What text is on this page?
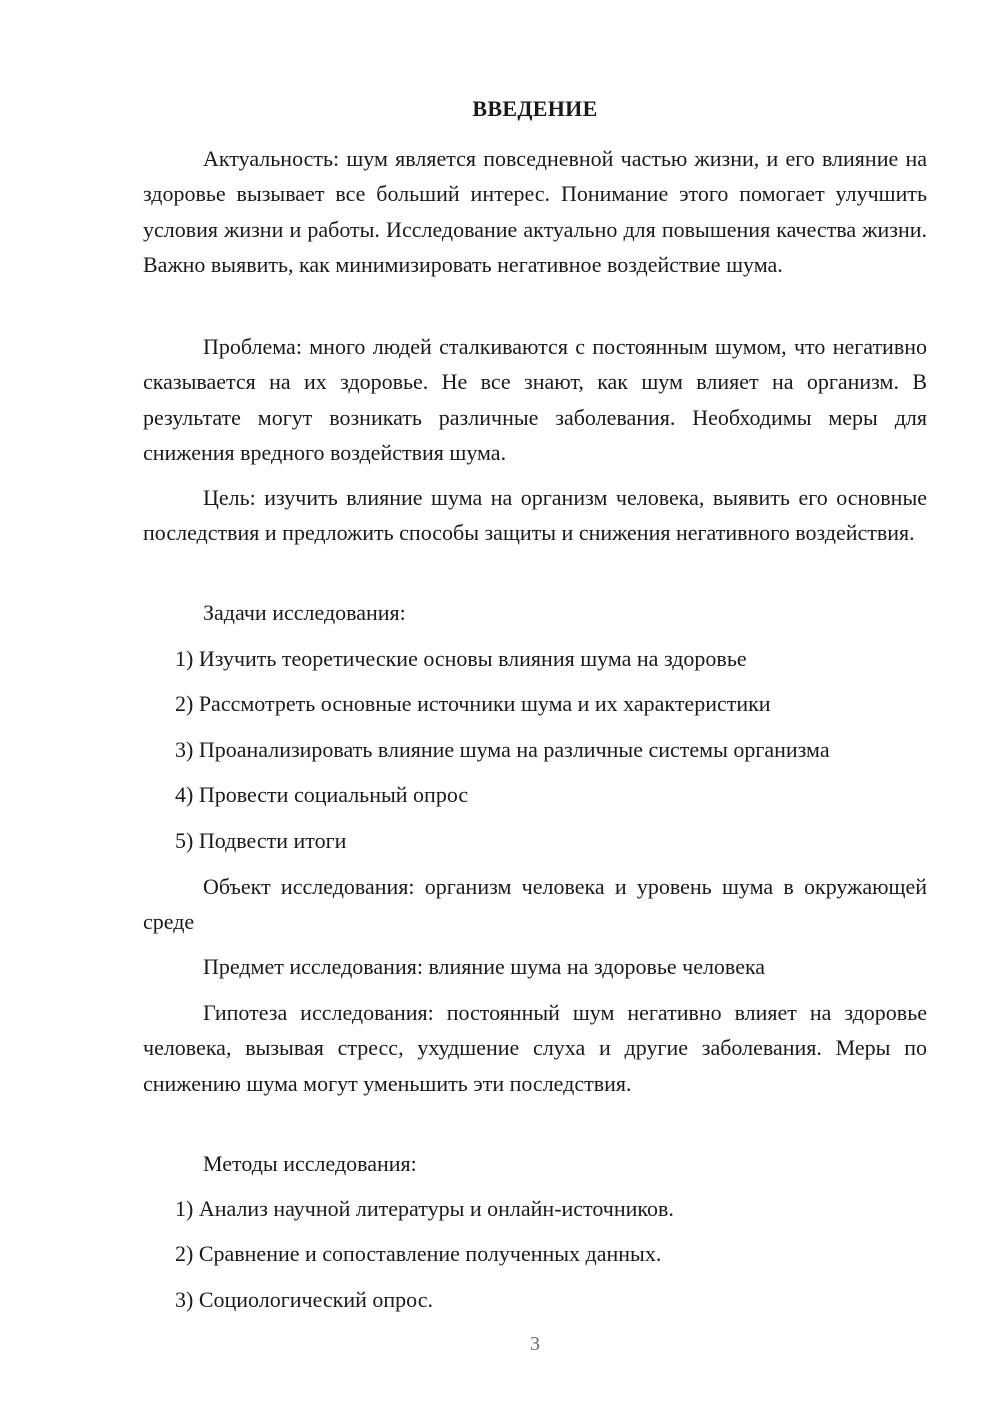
ВВЕДЕНИЕ

Актуальность: шум является повседневной частью жизни, и его влияние на здоровье вызывает все больший интерес. Понимание этого помогает улучшить условия жизни и работы. Исследование актуально для повышения качества жизни. Важно выявить, как минимизировать негативное воздействие шума.

Проблема: много людей сталкиваются с постоянным шумом, что негативно сказывается на их здоровье. Не все знают, как шум влияет на организм. В результате могут возникать различные заболевания. Необходимы меры для снижения вредного воздействия шума.

Цель: изучить влияние шума на организм человека, выявить его основные последствия и предложить способы защиты и снижения негативного воздействия.

Задачи исследования:

1) Изучить теоретические основы влияния шума на здоровье

2) Рассмотреть основные источники шума и их характеристики

3) Проанализировать влияние шума на различные системы организма

4) Провести социальный опрос

5) Подвести итоги

Объект исследования: организм человека и уровень шума в окружающей среде

Предмет исследования: влияние шума на здоровье человека

Гипотеза исследования: постоянный шум негативно влияет на здоровье человека, вызывая стресс, ухудшение слуха и другие заболевания. Меры по снижению шума могут уменьшить эти последствия.

Методы исследования:

1) Анализ научной литературы и онлайн-источников.

2) Сравнение и сопоставление полученных данных.

3) Социологический опрос.

3
